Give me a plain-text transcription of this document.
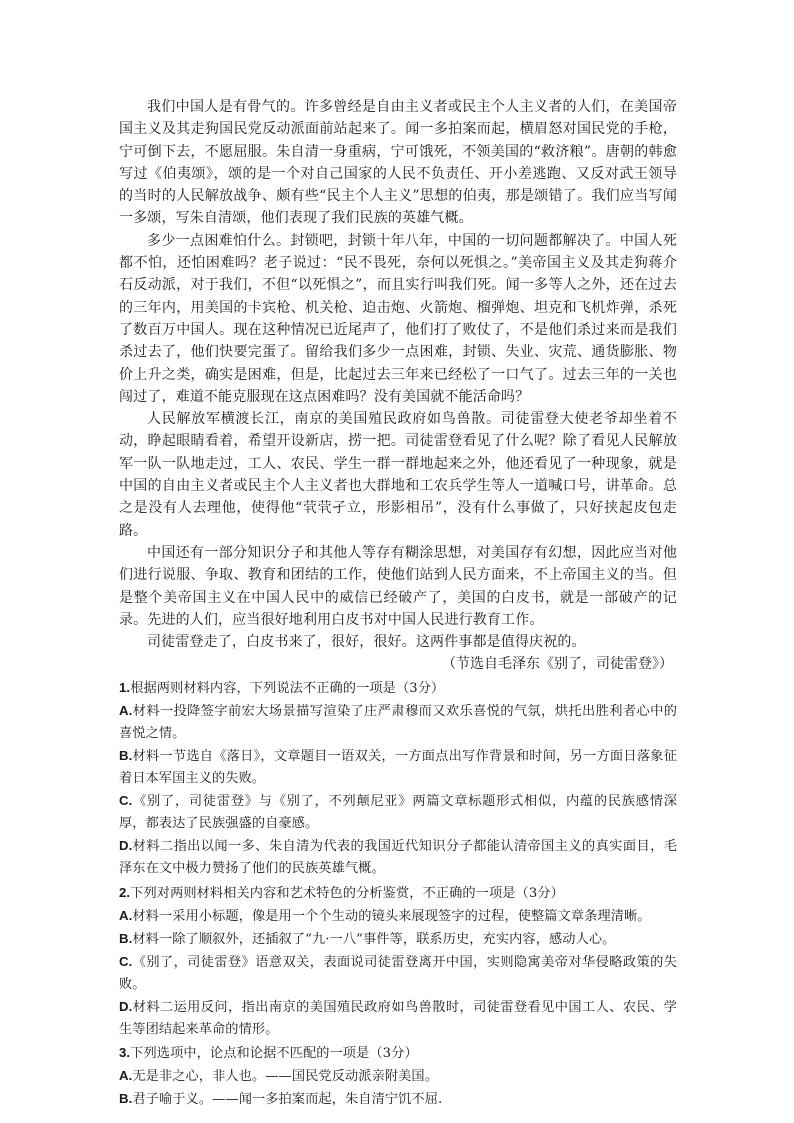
我们中国人是有骨气的。许多曾经是自由主义者或民主个人主义者的人们，在美国帝国主义及其走狗国民党反动派面前站起来了。闻一多拍案而起，横眉怒对国民党的手枪，宁可倒下去，不愿屈服。朱自清一身重病，宁可饿死，不领美国的“救济粮”。唐朝的韩愈写过《伯夷颂》，颂的是一个对自己国家的人民不负责任、开小差逃跑、又反对武王领导的当时的人民解放战争、颇有些“民主个人主义”思想的伯夷，那是颂错了。我们应当写闻一多颂，写朱自清颂，他们表现了我们民族的英雄气概。

多少一点困难怕什么。封锁吧，封锁十年八年，中国的一切问题都解决了。中国人死都不怕，还怕困难吗？老子说过：“民不畏死，奈何以死惧之。”美帝国主义及其走狗蒋介石反动派，对于我们，不但“以死惧之”，而且实行叫我们死。闻一多等人之外，还在过去的三年内，用美国的卡宾枪、机关枪、迫击炮、火箭炮、榴弹炮、坦克和飞机炸弹，杀死了数百万中国人。现在这种情况已近尾声了，他们打了败仗了，不是他们杀过来而是我们杀过去了，他们快要完蛋了。留给我们多少一点困难，封锁、失业、灾荒、通货膨胀、物价上升之类，确实是困难，但是，比起过去三年来已经松了一口气了。过去三年的一关也闯过了，难道不能克服现在这点困难吗？没有美国就不能活命吗？

人民解放军横渡长江，南京的美国殖民政府如鸟兽散。司徒雷登大使老爷却坐着不动，睁起眼睛看着，希望开设新店，捞一把。司徒雷登看见了什么呢？除了看见人民解放军一队一队地走过，工人、农民、学生一群一群地起来之外，他还看见了一种现象，就是中国的自由主义者或民主个人主义者也大群地和工农兵学生等人一道喊口号，讲革命。总之是没有人去理他，使得他“茕茕孑立，形影相吊”，没有什么事做了，只好挟起皮包走路。

中国还有一部分知识分子和其他人等存有糊涂思想，对美国存有幻想，因此应当对他们进行说服、争取、教育和团结的工作，使他们站到人民方面来，不上帝国主义的当。但是整个美帝国主义在中国人民中的威信已经破产了，美国的白皮书，就是一部破产的记录。先进的人们，应当很好地利用白皮书对中国人民进行教育工作。

司徒雷登走了，白皮书来了，很好，很好。这两件事都是值得庆祝的。

（节选自毛泽东《别了，司徒雷登》）

1.根据两则材料内容，下列说法不正确的一项是（3分）

A.材料一投降签字前宏大场景描写渲染了庄严肃穆而又欢乐喜悦的气氛，烘托出胜利者心中的喜悦之情。

B.材料一节选自《落日》，文章题目一语双关，一方面点出写作背景和时间，另一方面日落象征着日本军国主义的失败。

C.《别了，司徒雷登》与《别了，不列颠尼亚》两篇文章标题形式相似，内蕴的民族感情深厚，都表达了民族强盛的自豪感。

D.材料二指出以闻一多、朱自清为代表的我国近代知识分子都能认清帝国主义的真实面目，毛泽东在文中极力赞扬了他们的民族英雄气概。

2.下列对两则材料相关内容和艺术特色的分析鉴赏，不正确的一项是（3分）

A.材料一采用小标题，像是用一个个生动的镜头来展现签字的过程，使整篇文章条理清晰。

B.材料一除了顺叙外，还插叙了“九·一八”事件等，联系历史，充实内容，感动人心。

C.《别了，司徒雷登》语意双关，表面说司徒雷登离开中国，实则隐寓美帝对华侵略政策的失败。

D.材料二运用反问，指出南京的美国殖民政府如鸟兽散时，司徒雷登看见中国工人、农民、学生等团结起来革命的情形。

3.下列选项中，论点和论据不匹配的一项是（3分）

A.无是非之心，非人也。——国民党反动派亲附美国。

B.君子喻于义。——闻一多拍案而起，朱自清宁饥不屈.
